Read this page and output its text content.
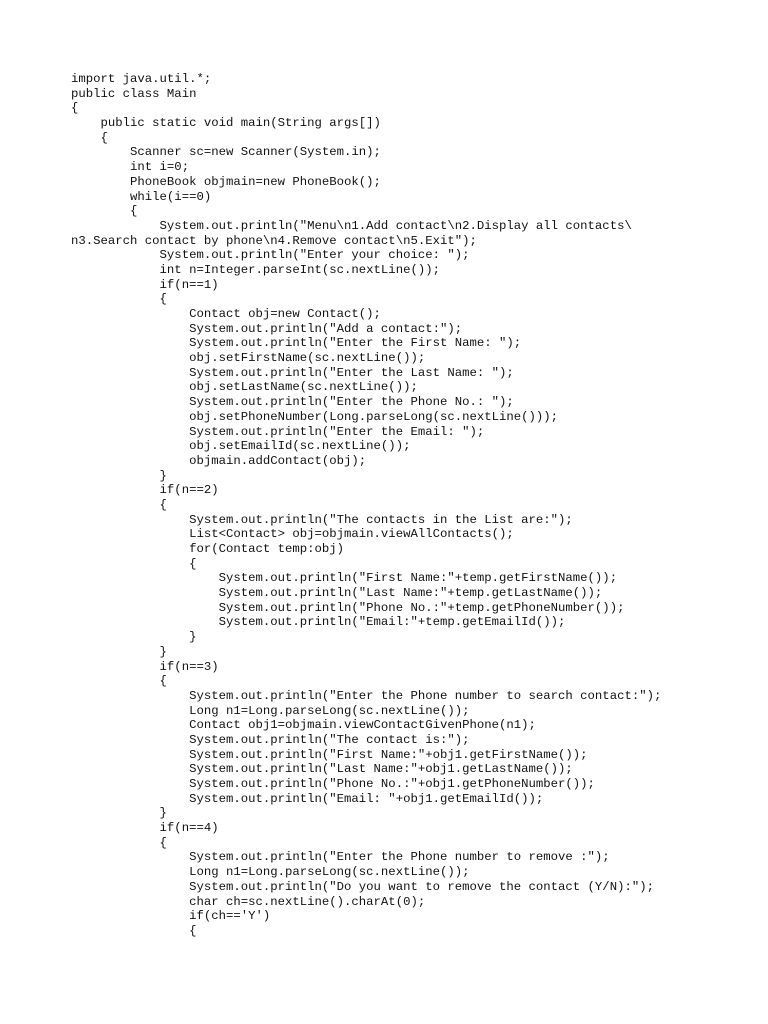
import java.util.*;
public class Main
{
public static void main(String args[])
{
Scanner sc=new Scanner(System.in);
int i=0;
PhoneBook objmain=new PhoneBook();
while(i==0)
{
System.out.println("Menu\n1.Add contact\n2.Display all contacts\
n3.Search contact by phone\n4.Remove contact\n5.Exit");
System.out.println("Enter your choice: ");
int n=Integer.parseInt(sc.nextLine());
if(n==1)
{
Contact obj=new Contact();
System.out.println("Add a contact:");
System.out.println("Enter the First Name: ");
obj.setFirstName(sc.nextLine());
System.out.println("Enter the Last Name: ");
obj.setLastName(sc.nextLine());
System.out.println("Enter the Phone No.: ");
obj.setPhoneNumber(Long.parseLong(sc.nextLine()));
System.out.println("Enter the Email: ");
obj.setEmailId(sc.nextLine());
objmain.addContact(obj);
}
if(n==2)
{
System.out.println("The contacts in the List are:");
List<Contact> obj=objmain.viewAllContacts();
for(Contact temp:obj)
{
System.out.println("First Name:"+temp.getFirstName());
System.out.println("Last Name:"+temp.getLastName());
System.out.println("Phone No.:"+temp.getPhoneNumber());
System.out.println("Email:"+temp.getEmailId());
}
}
if(n==3)
{
System.out.println("Enter the Phone number to search contact:");
Long n1=Long.parseLong(sc.nextLine());
Contact obj1=objmain.viewContactGivenPhone(n1);
System.out.println("The contact is:");
System.out.println("First Name:"+obj1.getFirstName());
System.out.println("Last Name:"+obj1.getLastName());
System.out.println("Phone No.:"+obj1.getPhoneNumber());
System.out.println("Email: "+obj1.getEmailId());
}
if(n==4)
{
System.out.println("Enter the Phone number to remove :");
Long n1=Long.parseLong(sc.nextLine());
System.out.println("Do you want to remove the contact (Y/N):");
char ch=sc.nextLine().charAt(0);
if(ch=='Y')
{
